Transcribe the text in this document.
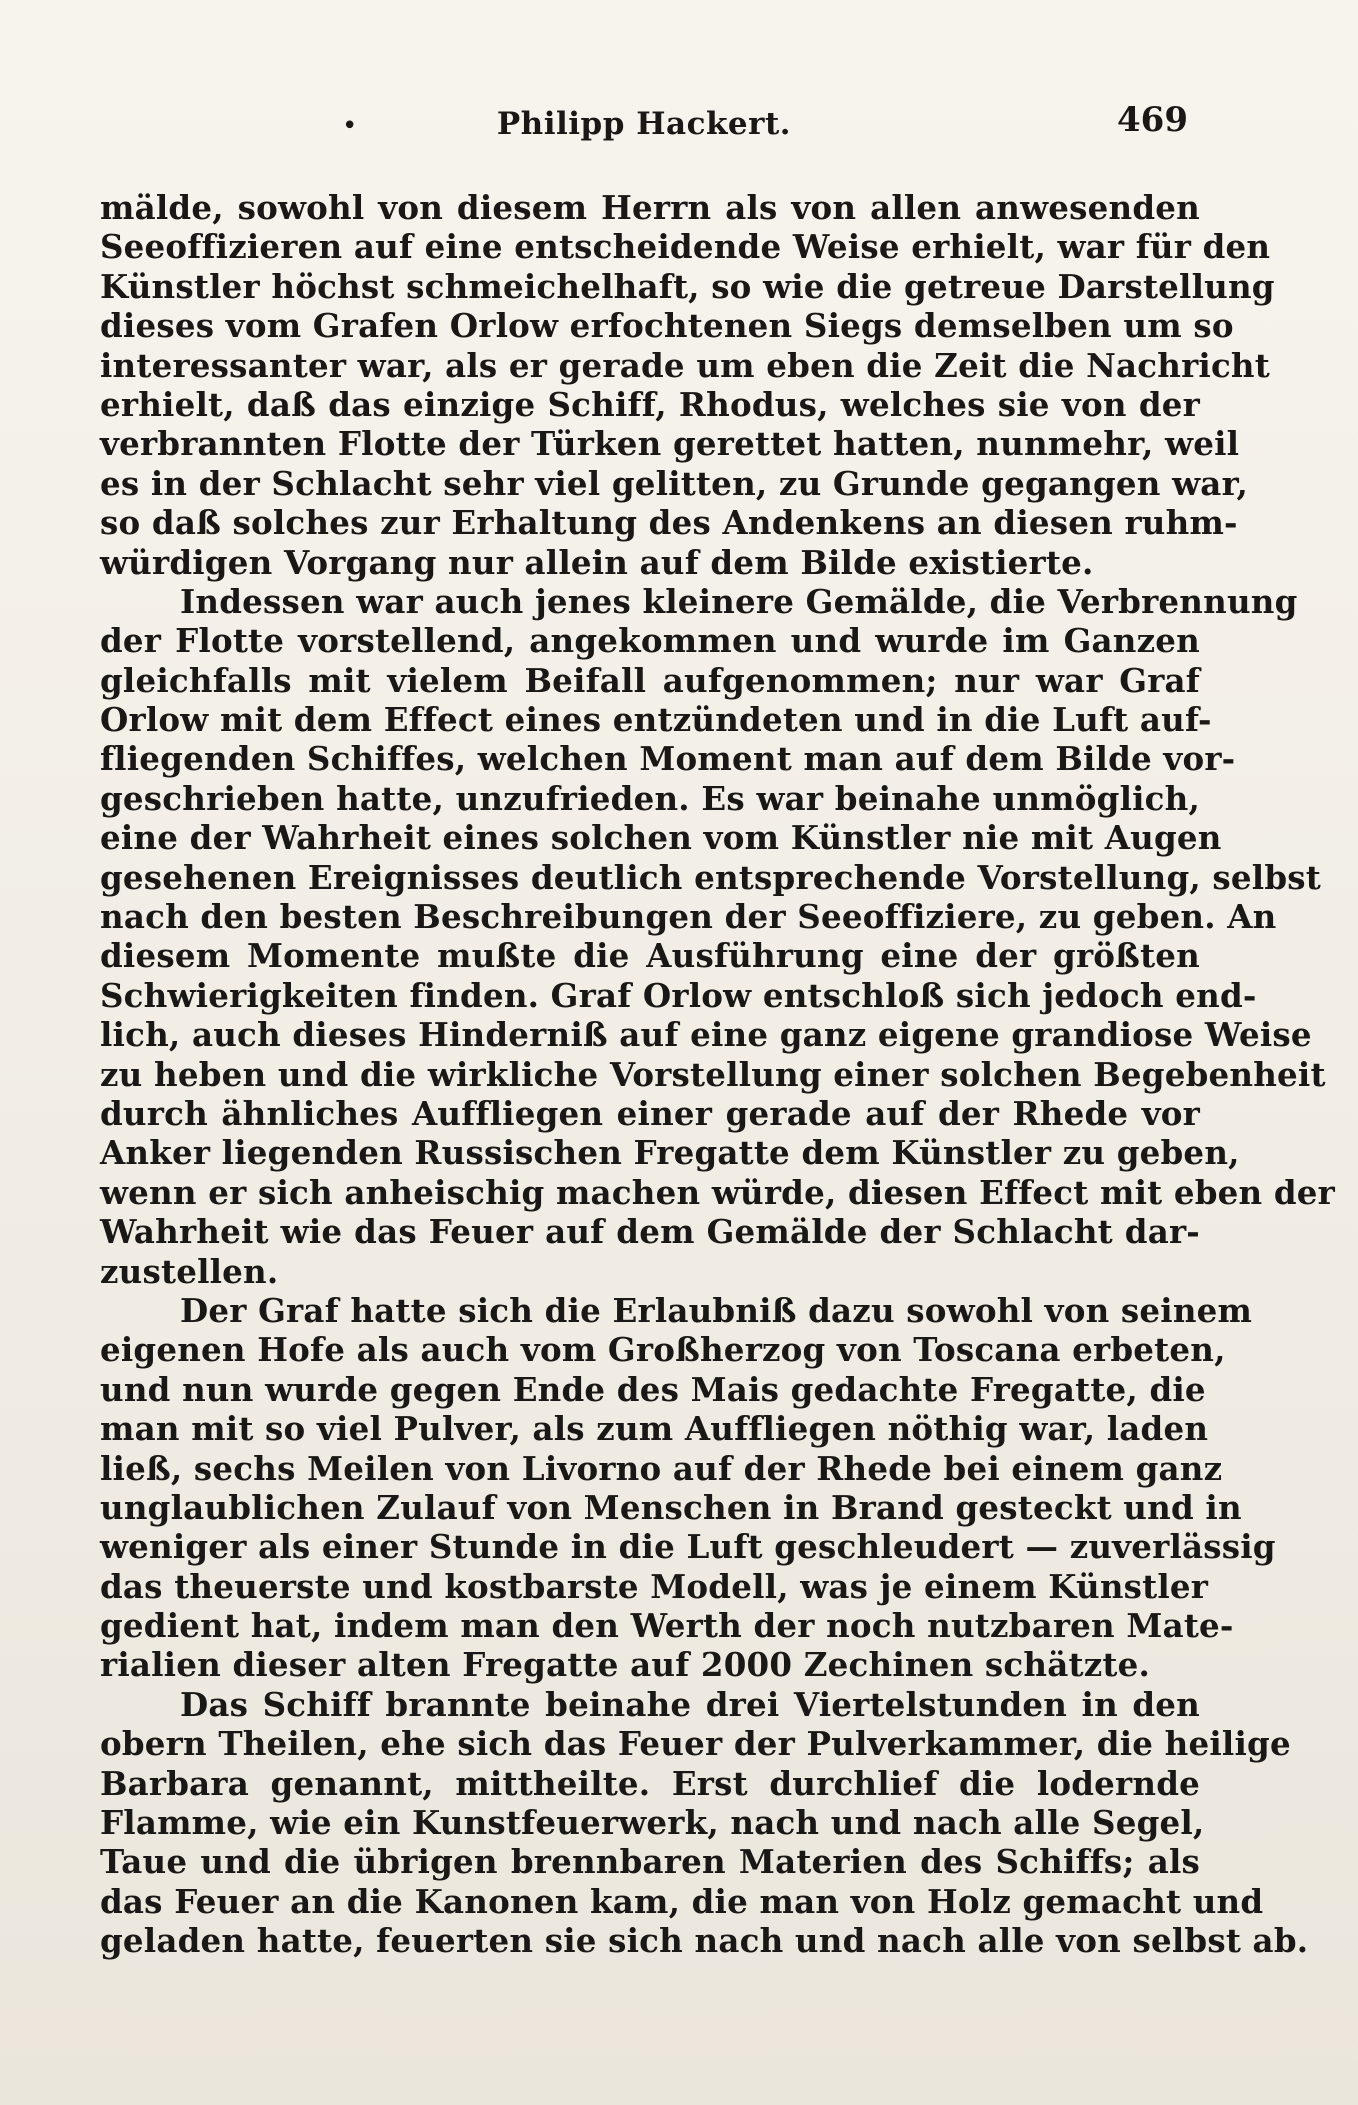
•	Philipp Hackert.	469
mälde, sowohl von diesem Herrn als von allen anwesenden
Seeoffizieren auf eine entscheidende Weise erhielt, war für den
Künstler höchst schmeichelhaft, so wie die getreue Darstellung
dieses vom Grafen Orlow erfochtenen Siegs demselben um so
interessanter war, als er gerade um eben die Zeit die Nachricht
erhielt, daß das einzige Schiff, Rhodus, welches sie von der
verbrannten Flotte der Türken gerettet hatten, nunmehr, weil
es in der Schlacht sehr viel gelitten, zu Grunde gegangen war,
so daß solches zur Erhaltung des Andenkens an diesen ruhm-
würdigen Vorgang nur allein auf dem Bilde existierte.
Indessen war auch jenes kleinere Gemälde, die Verbrennung
der Flotte vorstellend, angekommen und wurde im Ganzen
gleichfalls mit vielem Beifall aufgenommen; nur war Graf
Orlow mit dem Effect eines entzündeten und in die Luft auf-
fliegenden Schiffes, welchen Moment man auf dem Bilde vor-
geschrieben hatte, unzufrieden. Es war beinahe unmöglich,
eine der Wahrheit eines solchen vom Künstler nie mit Augen
gesehenen Ereignisses deutlich entsprechende Vorstellung, selbst
nach den besten Beschreibungen der Seeoffiziere, zu geben. An
diesem Momente mußte die Ausführung eine der größten
Schwierigkeiten finden. Graf Orlow entschloß sich jedoch end-
lich, auch dieses Hinderniß auf eine ganz eigene grandiose Weise
zu heben und die wirkliche Vorstellung einer solchen Begebenheit
durch ähnliches Auffliegen einer gerade auf der Rhede vor
Anker liegenden Russischen Fregatte dem Künstler zu geben,
wenn er sich anheischig machen würde, diesen Effect mit eben der
Wahrheit wie das Feuer auf dem Gemälde der Schlacht dar-
zustellen.
Der Graf hatte sich die Erlaubniß dazu sowohl von seinem
eigenen Hofe als auch vom Großherzog von Toscana erbeten,
und nun wurde gegen Ende des Mais gedachte Fregatte, die
man mit so viel Pulver, als zum Auffliegen nöthig war, laden
ließ, sechs Meilen von Livorno auf der Rhede bei einem ganz
unglaublichen Zulauf von Menschen in Brand gesteckt und in
weniger als einer Stunde in die Luft geschleudert — zuverlässig
das theuerste und kostbarste Modell, was je einem Künstler
gedient hat, indem man den Werth der noch nutzbaren Mate-
rialien dieser alten Fregatte auf 2000 Zechinen schätzte.
Das Schiff brannte beinahe drei Viertelstunden in den
obern Theilen, ehe sich das Feuer der Pulverkammer, die heilige
Barbara genannt, mittheilte. Erst durchlief die lodernde
Flamme, wie ein Kunstfeuerwerk, nach und nach alle Segel,
Taue und die übrigen brennbaren Materien des Schiffs; als
das Feuer an die Kanonen kam, die man von Holz gemacht und
geladen hatte, feuerten sie sich nach und nach alle von selbst ab.
